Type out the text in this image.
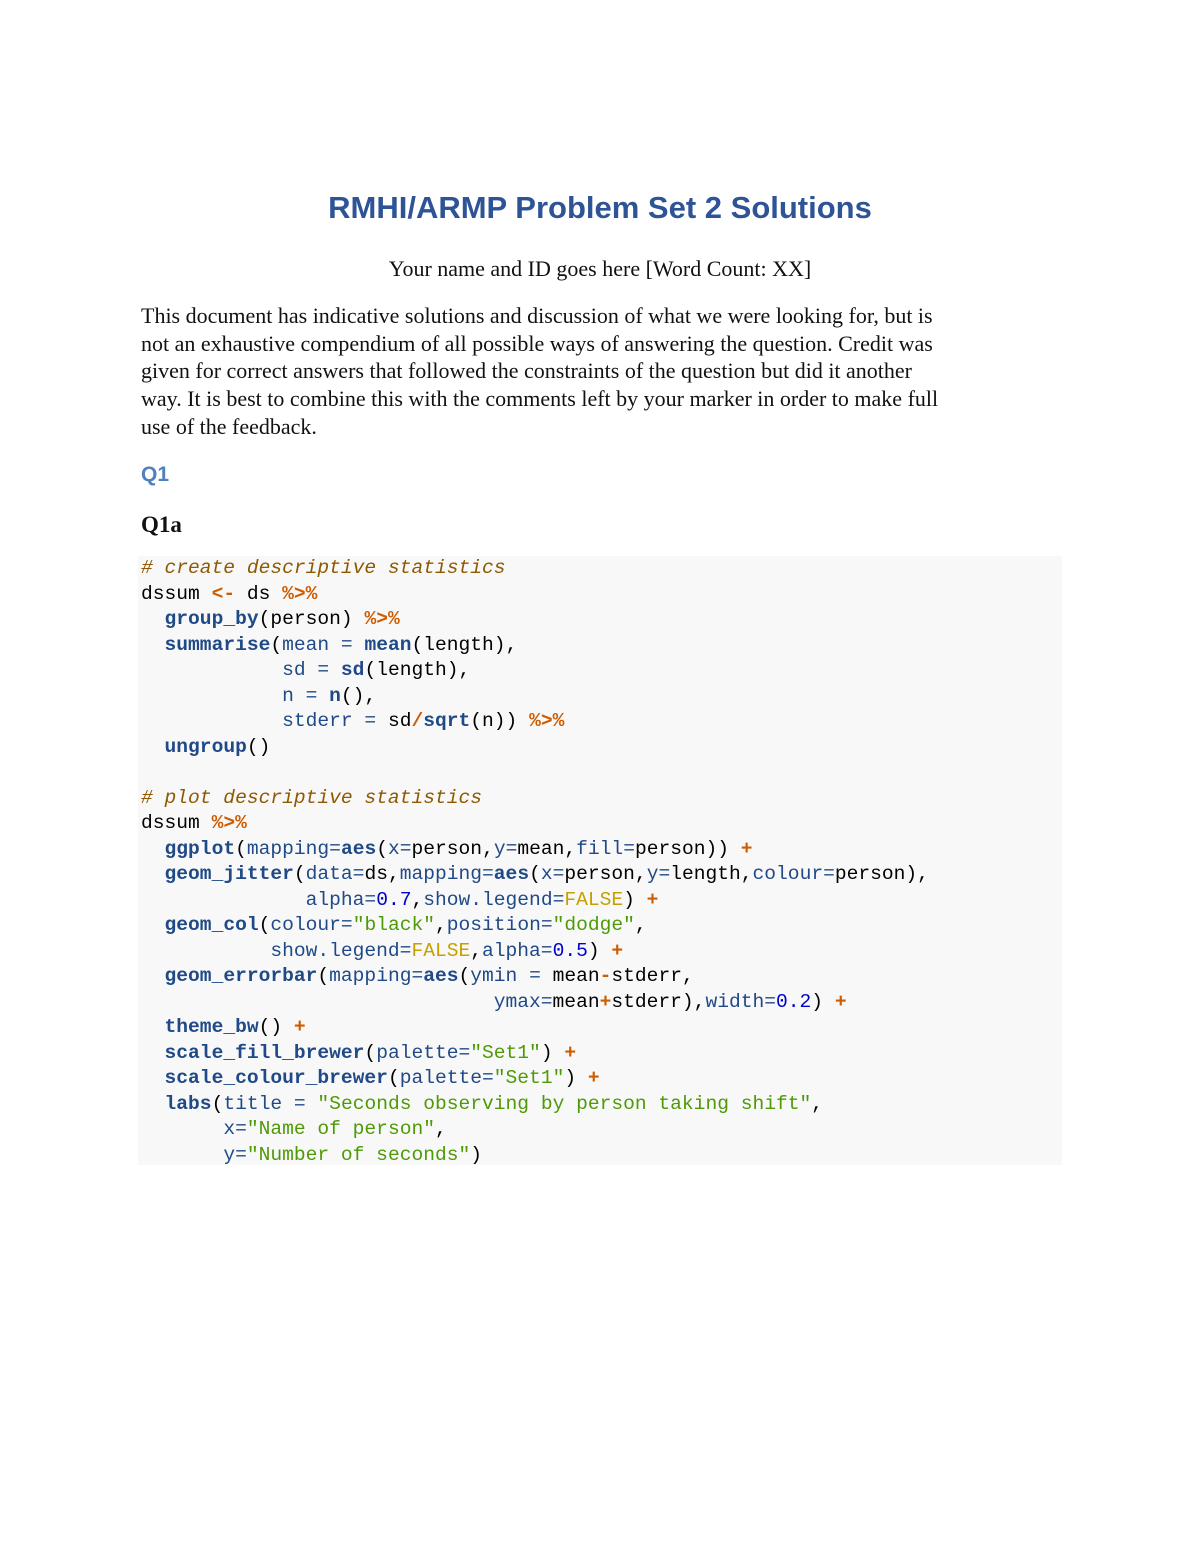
RMHI/ARMP Problem Set 2 Solutions
Your name and ID goes here [Word Count: XX]

This document has indicative solutions and discussion of what we were looking for, but is
not an exhaustive compendium of all possible ways of answering the question. Credit was
given for correct answers that followed the constraints of the question but did it another
way. It is best to combine this with the comments left by your marker in order to make full
use of the feedback.

Q1
Q1a
# create descriptive statistics
dssum <- ds %>%
group_by(person) %>%
summarise(mean = mean(length),
sd = sd(length),
n = n(),
stderr = sd/sqrt(n)) %>%
ungroup()
# plot descriptive statistics
dssum %>%
ggplot(mapping=aes(x=person,y=mean,fill=person)) +
geom_jitter(data=ds,mapping=aes(x=person,y=length,colour=person),
alpha=0.7,show.legend=FALSE) +
geom_col(colour="black",position="dodge",
show.legend=FALSE,alpha=0.5) +
geom_errorbar(mapping=aes(ymin = mean-stderr,
ymax=mean+stderr),width=0.2) +
theme_bw() +
scale_fill_brewer(palette="Set1") +
scale_colour_brewer(palette="Set1") +
labs(title = "Seconds observing by person taking shift",
x="Name of person",
y="Number of seconds")
